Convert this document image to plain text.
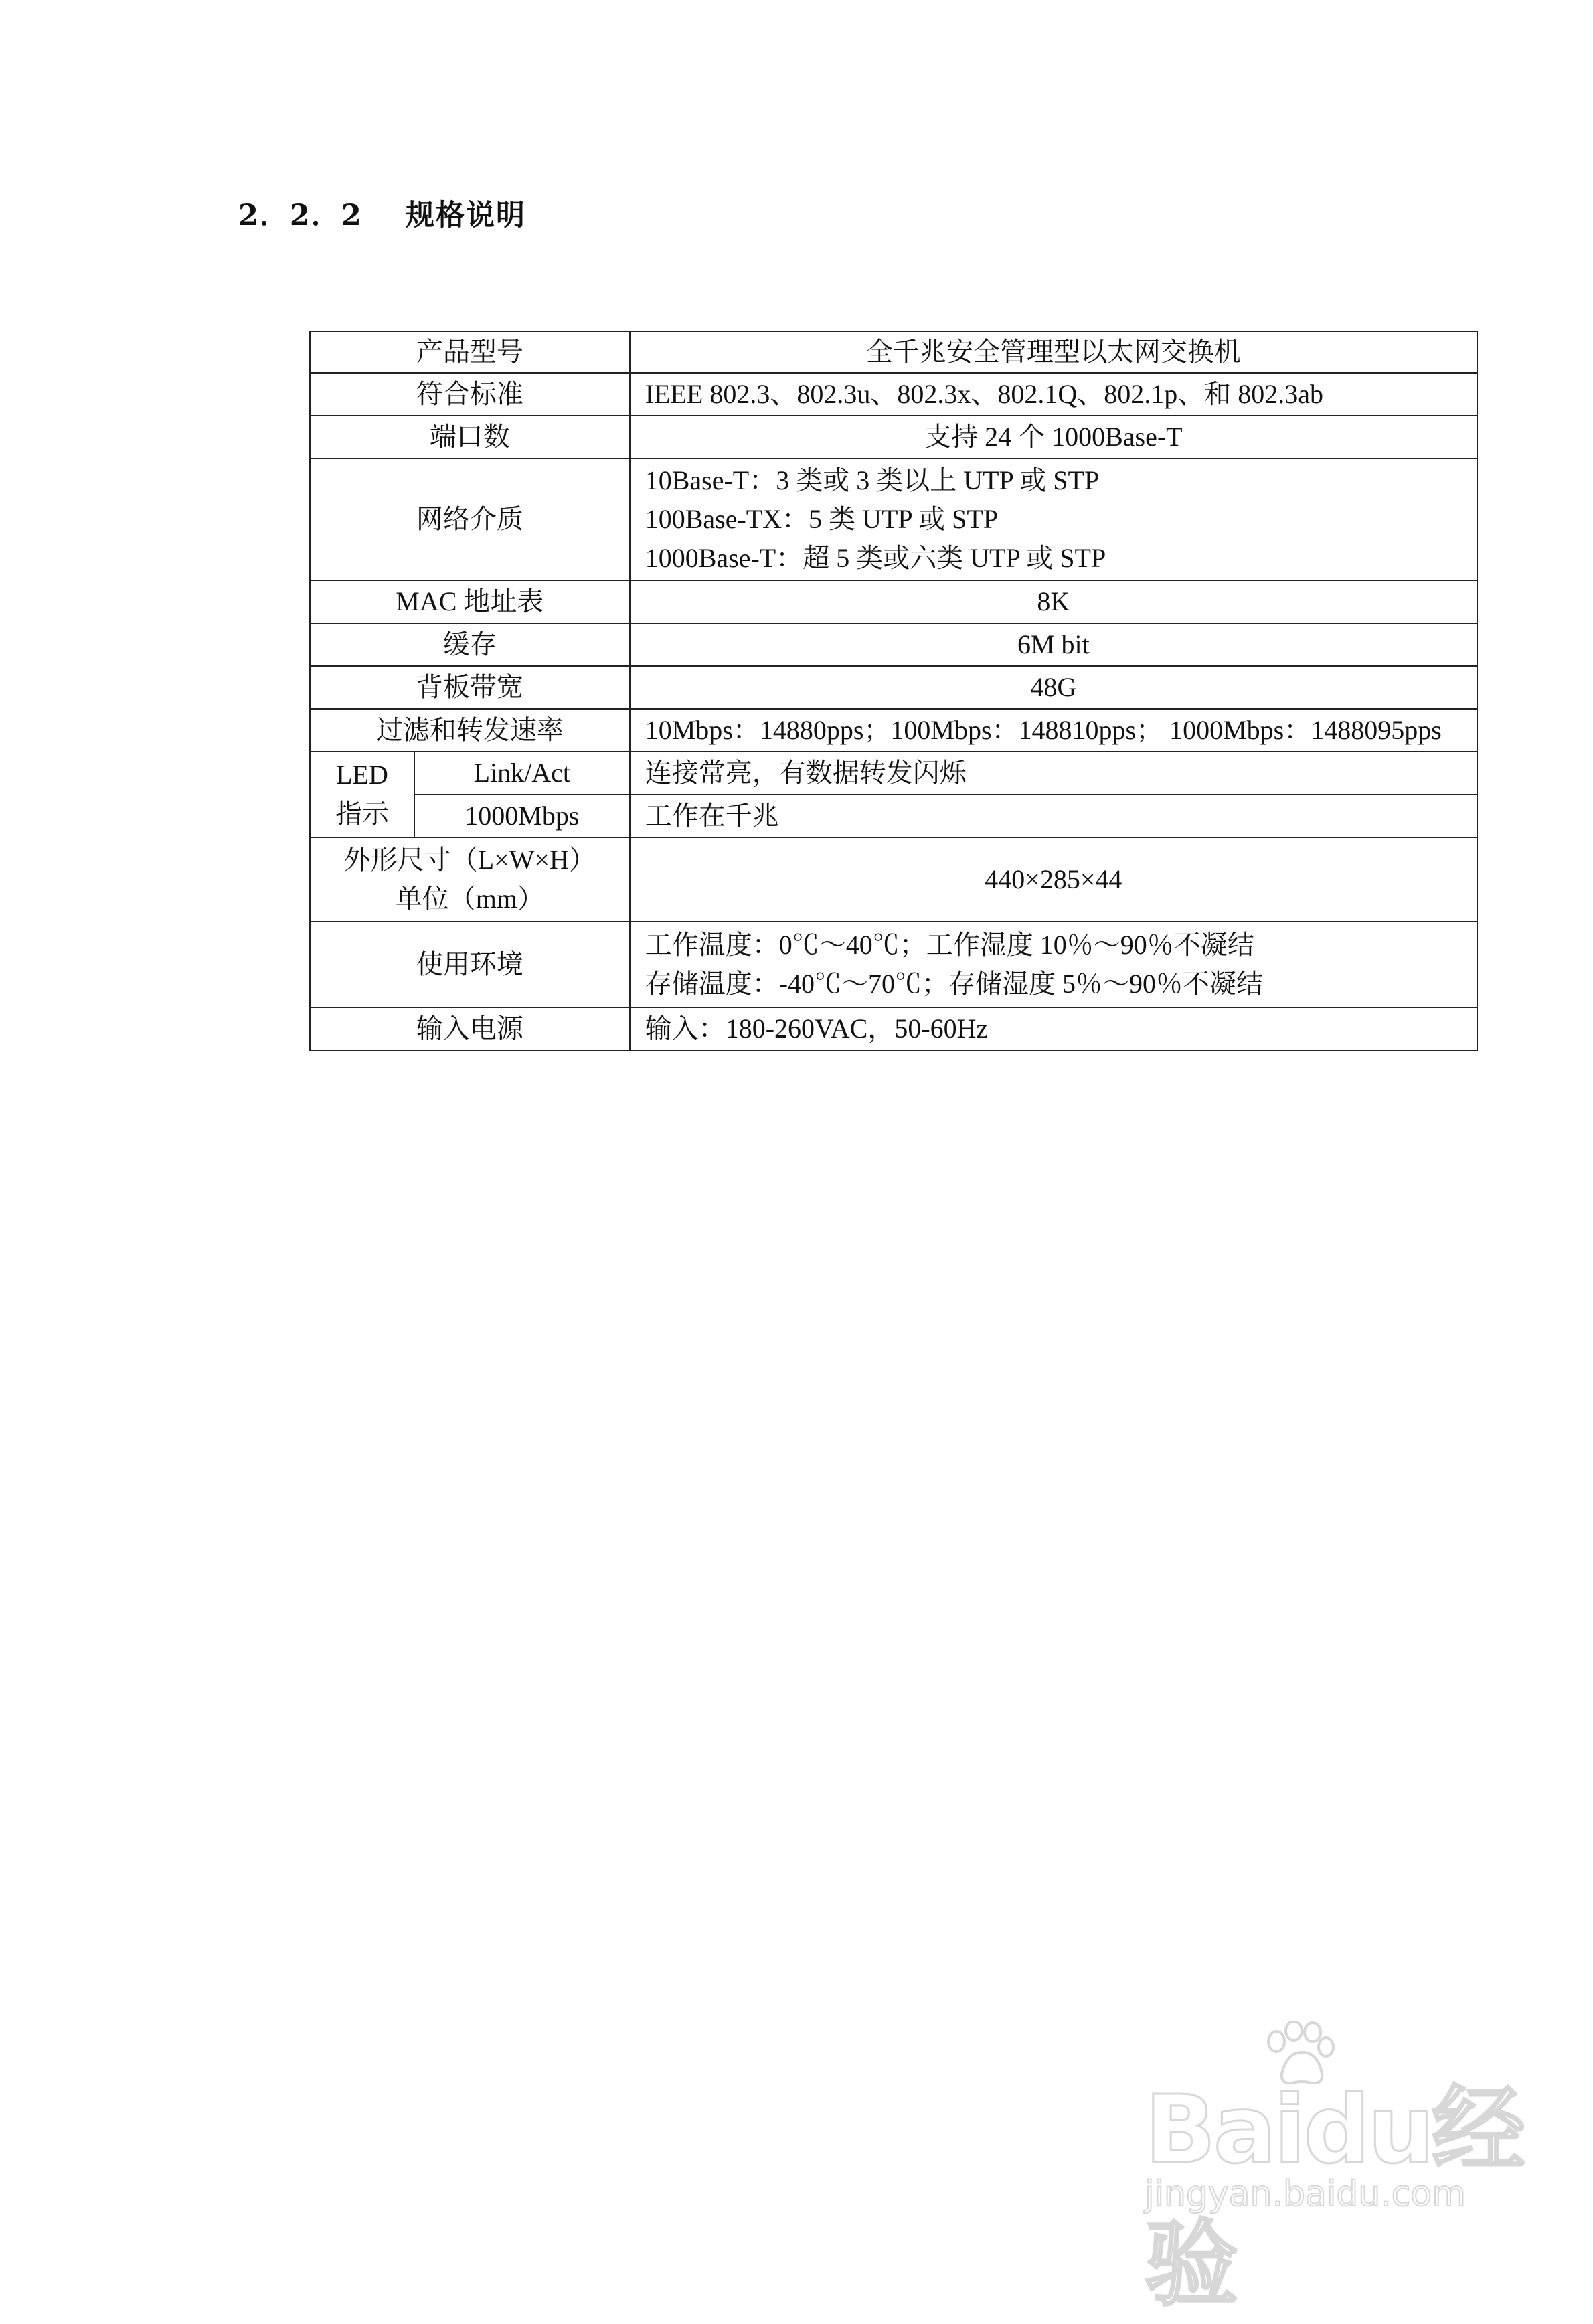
2．2．2 规格说明
产品型号		全千兆安全管理型以太网交换机
符合标准		IEEE 802.3、802.3u、802.3x、802.1Q、802.1p、和 802.3ab
端口数		支持 24 个 1000Base-T
网络介质		10Base-T：3 类或 3 类以上 UTP 或 STP
100Base-TX：5 类 UTP 或 STP
1000Base-T：超 5 类或六类 UTP 或 STP

MAC 地址表		8K
缓存		6M bit
背板带宽		48G
过滤和转发速率		10Mbps：14880pps；100Mbps：148810pps； 1000Mbps：1488095pps

LED
指示	Link/Act	连接常亮，有数据转发闪烁
	1000Mbps	工作在千兆

外形尺寸（L×W×H）
单位（mm）		440×285×44
使用环境		工作温度：0℃～40℃；工作湿度 10％～90％不凝结
存储温度：-40℃～70℃；存储湿度 5％～90％不凝结

输入电源		输入：180-260VAC，50-60Hz
Baidu经验
jingyan.baidu.com
